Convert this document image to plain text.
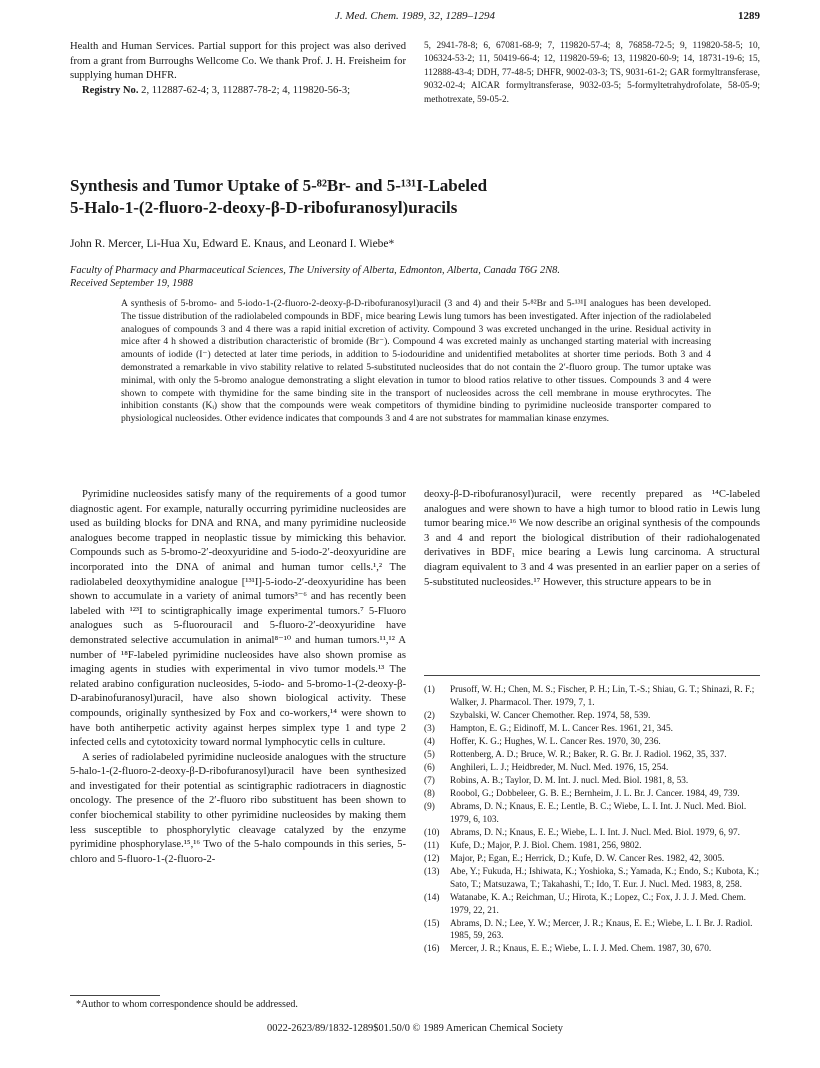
J. Med. Chem. 1989, 32, 1289–1294	1289

Health and Human Services. Partial support for this project was also derived from a grant from Burroughs Wellcome Co. We thank Prof. J. H. Freisheim for supplying human DHFR.

Registry No. 2, 112887-62-4; 3, 112887-78-2; 4, 119820-56-3;

5, 2941-78-8; 6, 67081-68-9; 7, 119820-57-4; 8, 76858-72-5; 9, 119820-58-5; 10, 106324-53-2; 11, 50419-66-4; 12, 119820-59-6; 13, 119820-60-9; 14, 18731-19-6; 15, 112888-43-4; DDH, 77-48-5; DHFR, 9002-03-3; TS, 9031-61-2; GAR formyltransferase, 9032-02-4; AICAR formyltransferase, 9032-03-5; 5-formyltetrahydrofolate, 58-05-9; methotrexate, 59-05-2.
Synthesis and Tumor Uptake of 5-⁸²Br- and 5-¹³¹I-Labeled
5-Halo-1-(2-fluoro-2-deoxy-β-D-ribofuranosyl)uracils
John R. Mercer, Li-Hua Xu, Edward E. Knaus, and Leonard I. Wiebe*
Faculty of Pharmacy and Pharmaceutical Sciences, The University of Alberta, Edmonton, Alberta, Canada T6G 2N8.
Received September 19, 1988
A synthesis of 5-bromo- and 5-iodo-1-(2-fluoro-2-deoxy-β-D-ribofuranosyl)uracil (3 and 4) and their 5-⁸²Br and 5-¹³¹I analogues has been developed. The tissue distribution of the radiolabeled compounds in BDF₁ mice bearing Lewis lung tumors has been investigated. After injection of the radiolabeled analogues of compounds 3 and 4 there was a rapid initial excretion of activity. Compound 3 was excreted unchanged in the urine. Residual activity in mice after 4 h showed a distribution characteristic of bromide (Br⁻). Compound 4 was excreted mainly as unchanged starting material with increasing amounts of iodide (I⁻) detected at later time periods, in addition to 5-iodouridine and unidentified metabolites at shorter time periods. Both 3 and 4 demonstrated a remarkable in vivo stability relative to related 5-substituted nucleosides that do not contain the 2′-fluoro group. The tumor uptake was minimal, with only the 5-bromo analogue demonstrating a slight elevation in tumor to blood ratios relative to other tissues. Compounds 3 and 4 were shown to compete with thymidine for the same binding site in the transport of nucleosides across the cell membrane in mouse erythrocytes. The inhibition constants (Kᵢ) show that the compounds were weak competitors of thymidine binding to pyrimidine nucleoside transporter compared to physiological nucleosides. Other evidence indicates that compounds 3 and 4 are not substrates for mammalian kinase enzymes.

Pyrimidine nucleosides satisfy many of the requirements of a good tumor diagnostic agent. For example, naturally occurring pyrimidine nucleosides are used as building blocks for DNA and RNA, and many pyrimidine nucleoside analogues become trapped in neoplastic tissue by mimicking this behavior. Compounds such as 5-bromo-2′-deoxyuridine and 5-iodo-2′-deoxyuridine are incorporated into the DNA of animal and human tumor cells.¹,² The radiolabeled deoxythymidine analogue [¹³¹I]-5-iodo-2′-deoxyuridine has been shown to accumulate in a variety of animal tumors³⁻⁶ and has recently been labeled with ¹²³I to scintigraphically image experimental tumors.⁷ 5-Fluoro analogues such as 5-fluorouracil and 5-fluoro-2′-deoxyuridine have demonstrated selective accumulation in animal⁸⁻¹⁰ and human tumors.¹¹,¹² A number of ¹⁸F-labeled pyrimidine nucleosides have also shown promise as imaging agents in studies with experimental in vivo tumor models.¹³ The related arabino configuration nucleosides, 5-iodo- and 5-bromo-1-(2-deoxy-β-D-arabinofuranosyl)uracil, have also shown biological activity. These compounds, originally synthesized by Fox and co-workers,¹⁴ were shown to have both antiherpetic activity against herpes simplex type 1 and type 2 infected cells and cytotoxicity toward normal lymphocytic cells in culture.

A series of radiolabeled pyrimidine nucleoside analogues with the structure 5-halo-1-(2-fluoro-2-deoxy-β-D-ribofuranosyl)uracil have been synthesized and investigated for their potential as scintigraphic radiotracers in diagnostic oncology. The presence of the 2′-fluoro ribo substituent has been shown to confer biochemical stability to other pyrimidine nucleosides by making them less susceptible to phosphorylytic cleavage catalyzed by the enzyme pyrimidine phosphorylase.¹⁵,¹⁶ Two of the 5-halo compounds in this series, 5-chloro and 5-fluoro-1-(2-fluoro-2-

deoxy-β-D-ribofuranosyl)uracil, were recently prepared as ¹⁴C-labeled analogues and were shown to have a high tumor to blood ratio in Lewis lung tumor bearing mice.¹⁶ We now describe an original synthesis of the compounds 3 and 4 and report the biological distribution of their radiohalogenated derivatives in BDF₁ mice bearing a Lewis lung carcinoma. A structural diagram equivalent to 3 and 4 was presented in an earlier paper on a series of 5-substituted nucleosides.¹⁷ However, this structure appears to be in

(1)	Prusoff, W. H.; Chen, M. S.; Fischer, P. H.; Lin, T.-S.; Shiau, G. T.; Shinazi, R. F.; Walker, J. Pharmacol. Ther. 1979, 7, 1.
(2)	Szybalski, W. Cancer Chemother. Rep. 1974, 58, 539.
(3)	Hampton, E. G.; Eidinoff, M. L. Cancer Res. 1961, 21, 345.
(4)	Hoffer, K. G.; Hughes, W. L. Cancer Res. 1970, 30, 236.
(5)	Rottenberg, A. D.; Bruce, W. R.; Baker, R. G. Br. J. Radiol. 1962, 35, 337.
(6)	Anghileri, L. J.; Heidbreder, M. Nucl. Med. 1976, 15, 254.
(7)	Robins, A. B.; Taylor, D. M. Int. J. nucl. Med. Biol. 1981, 8, 53.
(8)	Roobol, G.; Dobbeleer, G. B. E.; Bernheim, J. L. Br. J. Cancer. 1984, 49, 739.
(9)	Abrams, D. N.; Knaus, E. E.; Lentle, B. C.; Wiebe, L. I. Int. J. Nucl. Med. Biol. 1979, 6, 103.
(10)	Abrams, D. N.; Knaus, E. E.; Wiebe, L. I. Int. J. Nucl. Med. Biol. 1979, 6, 97.
(11)	Kufe, D.; Major, P. J. Biol. Chem. 1981, 256, 9802.
(12)	Major, P.; Egan, E.; Herrick, D.; Kufe, D. W. Cancer Res. 1982, 42, 3005.
(13)	Abe, Y.; Fukuda, H.; Ishiwata, K.; Yoshioka, S.; Yamada, K.; Endo, S.; Kubota, K.; Sato, T.; Matsuzawa, T.; Takahashi, T.; Ido, T. Eur. J. Nucl. Med. 1983, 8, 258.
(14)	Watanabe, K. A.; Reichman, U.; Hirota, K.; Lopez, C.; Fox, J. J. J. Med. Chem. 1979, 22, 21.
(15)	Abrams, D. N.; Lee, Y. W.; Mercer, J. R.; Knaus, E. E.; Wiebe, L. I. Br. J. Radiol. 1985, 59, 263.
(16)	Mercer, J. R.; Knaus, E. E.; Wiebe, L. I. J. Med. Chem. 1987, 30, 670.
*Author to whom correspondence should be addressed.
0022-2623/89/1832-1289$01.50/0 © 1989 American Chemical Society
